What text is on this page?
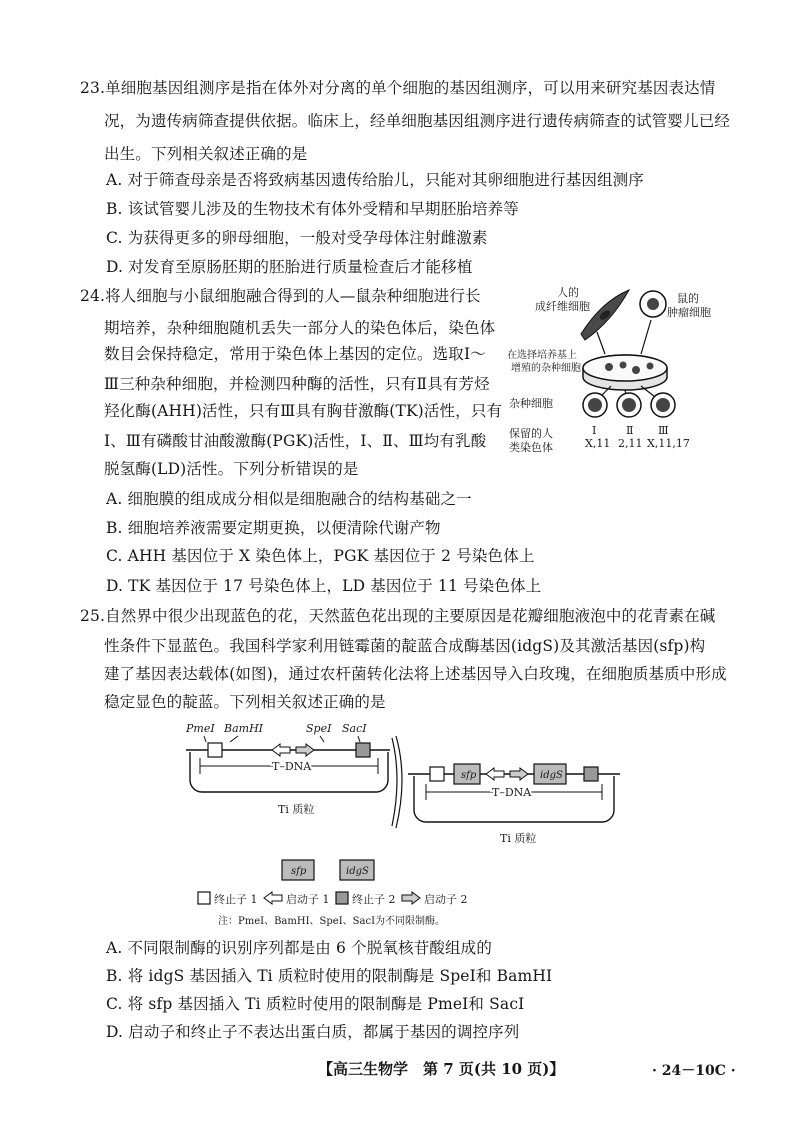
23.单细胞基因组测序是指在体外对分离的单个细胞的基因组测序，可以用来研究基因表达情
况，为遗传病筛查提供依据。临床上，经单细胞基因组测序进行遗传病筛查的试管婴儿已经
出生。下列相关叙述正确的是
A. 对于筛查母亲是否将致病基因遗传给胎儿，只能对其卵细胞进行基因组测序
B. 该试管婴儿涉及的生物技术有体外受精和早期胚胎培养等
C. 为获得更多的卵母细胞，一般对受孕母体注射雌激素
D. 对发育至原肠胚期的胚胎进行质量检查后才能移植
24.将人细胞与小鼠细胞融合得到的人—鼠杂种细胞进行长
期培养，杂种细胞随机丢失一部分人的染色体后，染色体
数目会保持稳定，常用于染色体上基因的定位。选取Ⅰ～
Ⅲ三种杂种细胞，并检测四种酶的活性，只有Ⅱ具有芳烃
羟化酶(AHH)活性，只有Ⅲ具有胸苷激酶(TK)活性，只有
Ⅰ、Ⅲ有磷酸甘油酸激酶(PGK)活性，Ⅰ、Ⅱ、Ⅲ均有乳酸
脱氢酶(LD)活性。下列分析错误的是
A. 细胞膜的组成成分相似是细胞融合的结构基础之一
B. 细胞培养液需要定期更换，以便清除代谢产物
C. AHH 基因位于 X 染色体上，PGK 基因位于 2 号染色体上
D. TK 基因位于 17 号染色体上，LD 基因位于 11 号染色体上
人的
成纤维细胞
鼠的
肿瘤细胞
在选择培养基上
增殖的杂种细胞
杂种细胞
保留的人
类染色体
Ⅰ
X,11
Ⅱ
2,11
Ⅲ
X,11,17
25.自然界中很少出现蓝色的花，天然蓝色花出现的主要原因是花瓣细胞液泡中的花青素在碱
性条件下显蓝色。我国科学家利用链霉菌的靛蓝合成酶基因(idgS)及其激活基因(sfp)构
建了基因表达载体(如图)，通过农杆菌转化法将上述基因导入白玫瑰，在细胞质基质中形成
稳定显色的靛蓝。下列相关叙述正确的是
PmeⅠ BamHⅠ	SpeⅠ SacⅠ
T–DNA
Ti 质粒
sfp	idgS
T–DNA
Ti 质粒
sfp	idgS
终止子 1	启动子 1 终止子 2	启动子 2
注：PmeⅠ、BamHⅠ、SpeⅠ、SacⅠ为不同限制酶。
A. 不同限制酶的识别序列都是由 6 个脱氧核苷酸组成的
B. 将 idgS 基因插入 Ti 质粒时使用的限制酶是 SpeⅠ和 BamHⅠ
C. 将 sfp 基因插入 Ti 质粒时使用的限制酶是 PmeⅠ和 SacⅠ
D. 启动子和终止子不表达出蛋白质，都属于基因的调控序列
【高三生物学　第 7 页(共 10 页)】	· 24－10C ·
